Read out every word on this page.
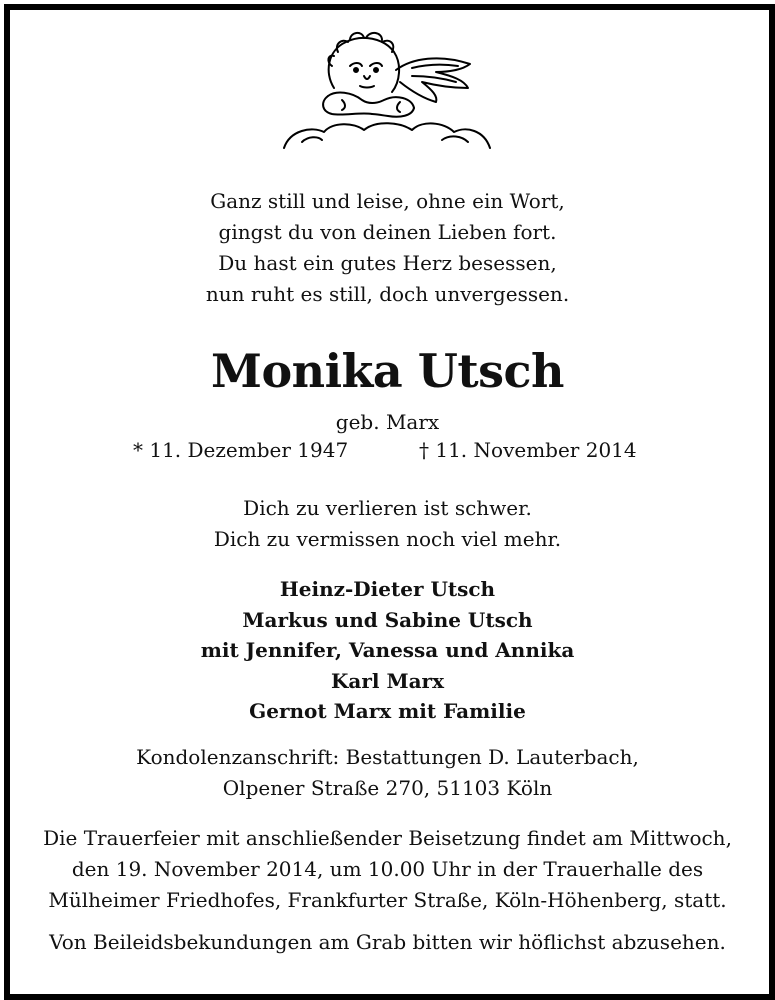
Ganz still und leise, ohne ein Wort,
gingst du von deinen Lieben fort.
Du hast ein gutes Herz besessen,
nun ruht es still, doch unvergessen.
Monika Utsch
geb. Marx
* 11. Dezember 1947	† 11. November 2014
Dich zu verlieren ist schwer.
Dich zu vermissen noch viel mehr.
Heinz-Dieter Utsch
Markus und Sabine Utsch
mit Jennifer, Vanessa und Annika
Karl Marx
Gernot Marx mit Familie
Kondolenzanschrift: Bestattungen D. Lauterbach,
Olpener Straße 270, 51103 Köln
Die Trauerfeier mit anschließender Beisetzung findet am Mittwoch,
den 19. November 2014, um 10.00 Uhr in der Trauerhalle des
Mülheimer Friedhofes, Frankfurter Straße, Köln-Höhenberg, statt.
Von Beileidsbekundungen am Grab bitten wir höflichst abzusehen.
